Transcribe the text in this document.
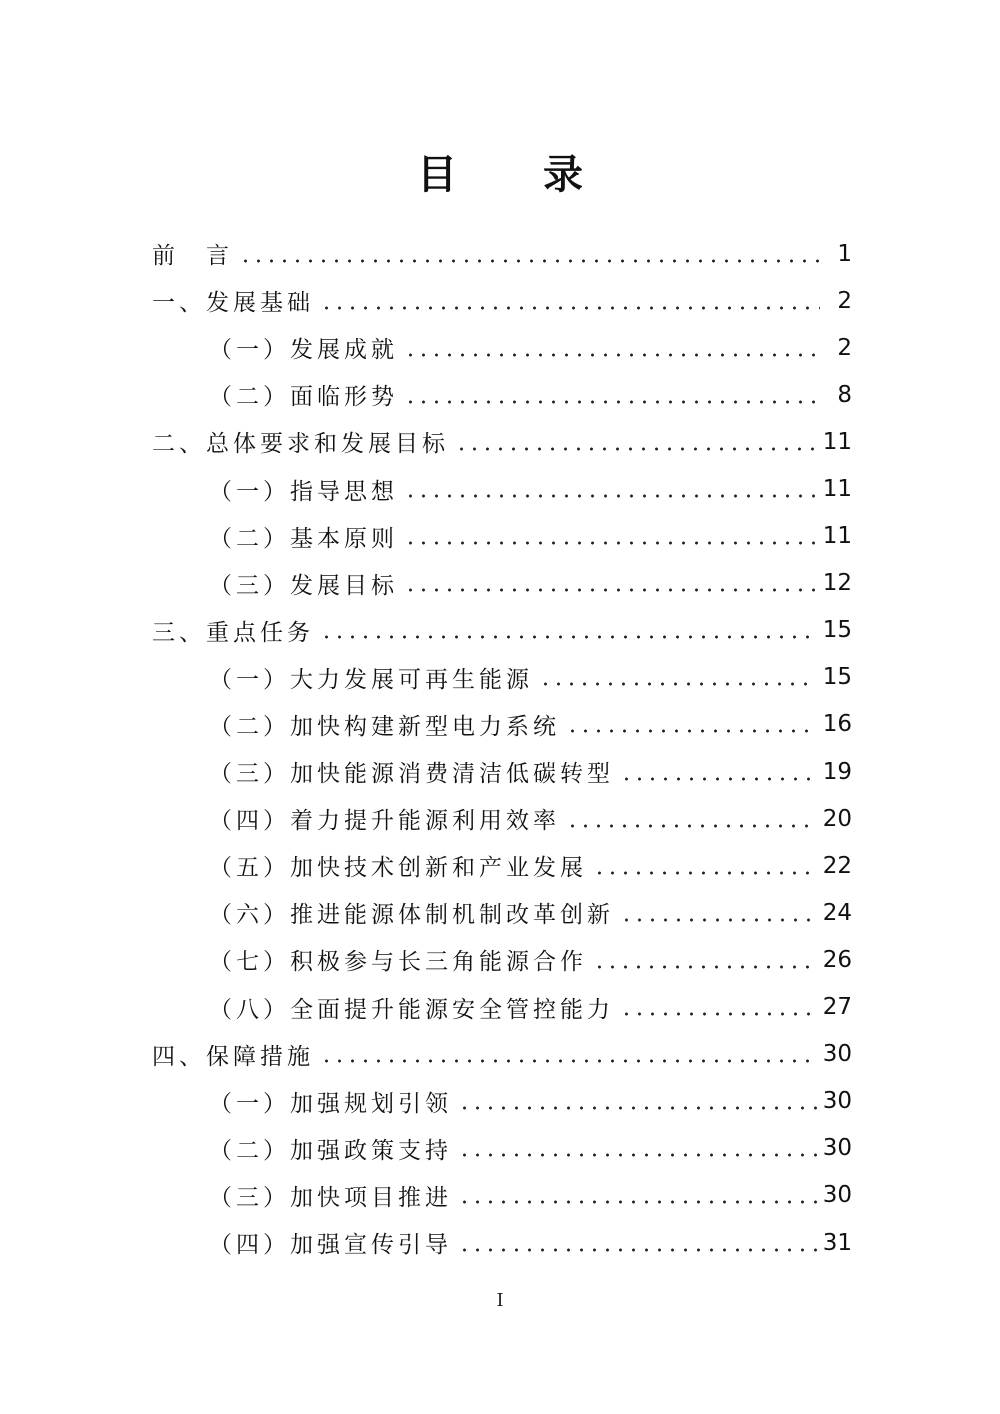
目 录
前　言	1
一、发展基础	2
（一）发展成就	2
（二）面临形势	8
二、总体要求和发展目标	11
（一）指导思想	11
（二）基本原则	11
（三）发展目标	12
三、重点任务	15
（一）大力发展可再生能源	15
（二）加快构建新型电力系统	16
（三）加快能源消费清洁低碳转型	19
（四）着力提升能源利用效率	20
（五）加快技术创新和产业发展	22
（六）推进能源体制机制改革创新	24
（七）积极参与长三角能源合作	26
（八）全面提升能源安全管控能力	27
四、保障措施	30
（一）加强规划引领	30
（二）加强政策支持	30
（三）加快项目推进	30
（四）加强宣传引导	31
I
